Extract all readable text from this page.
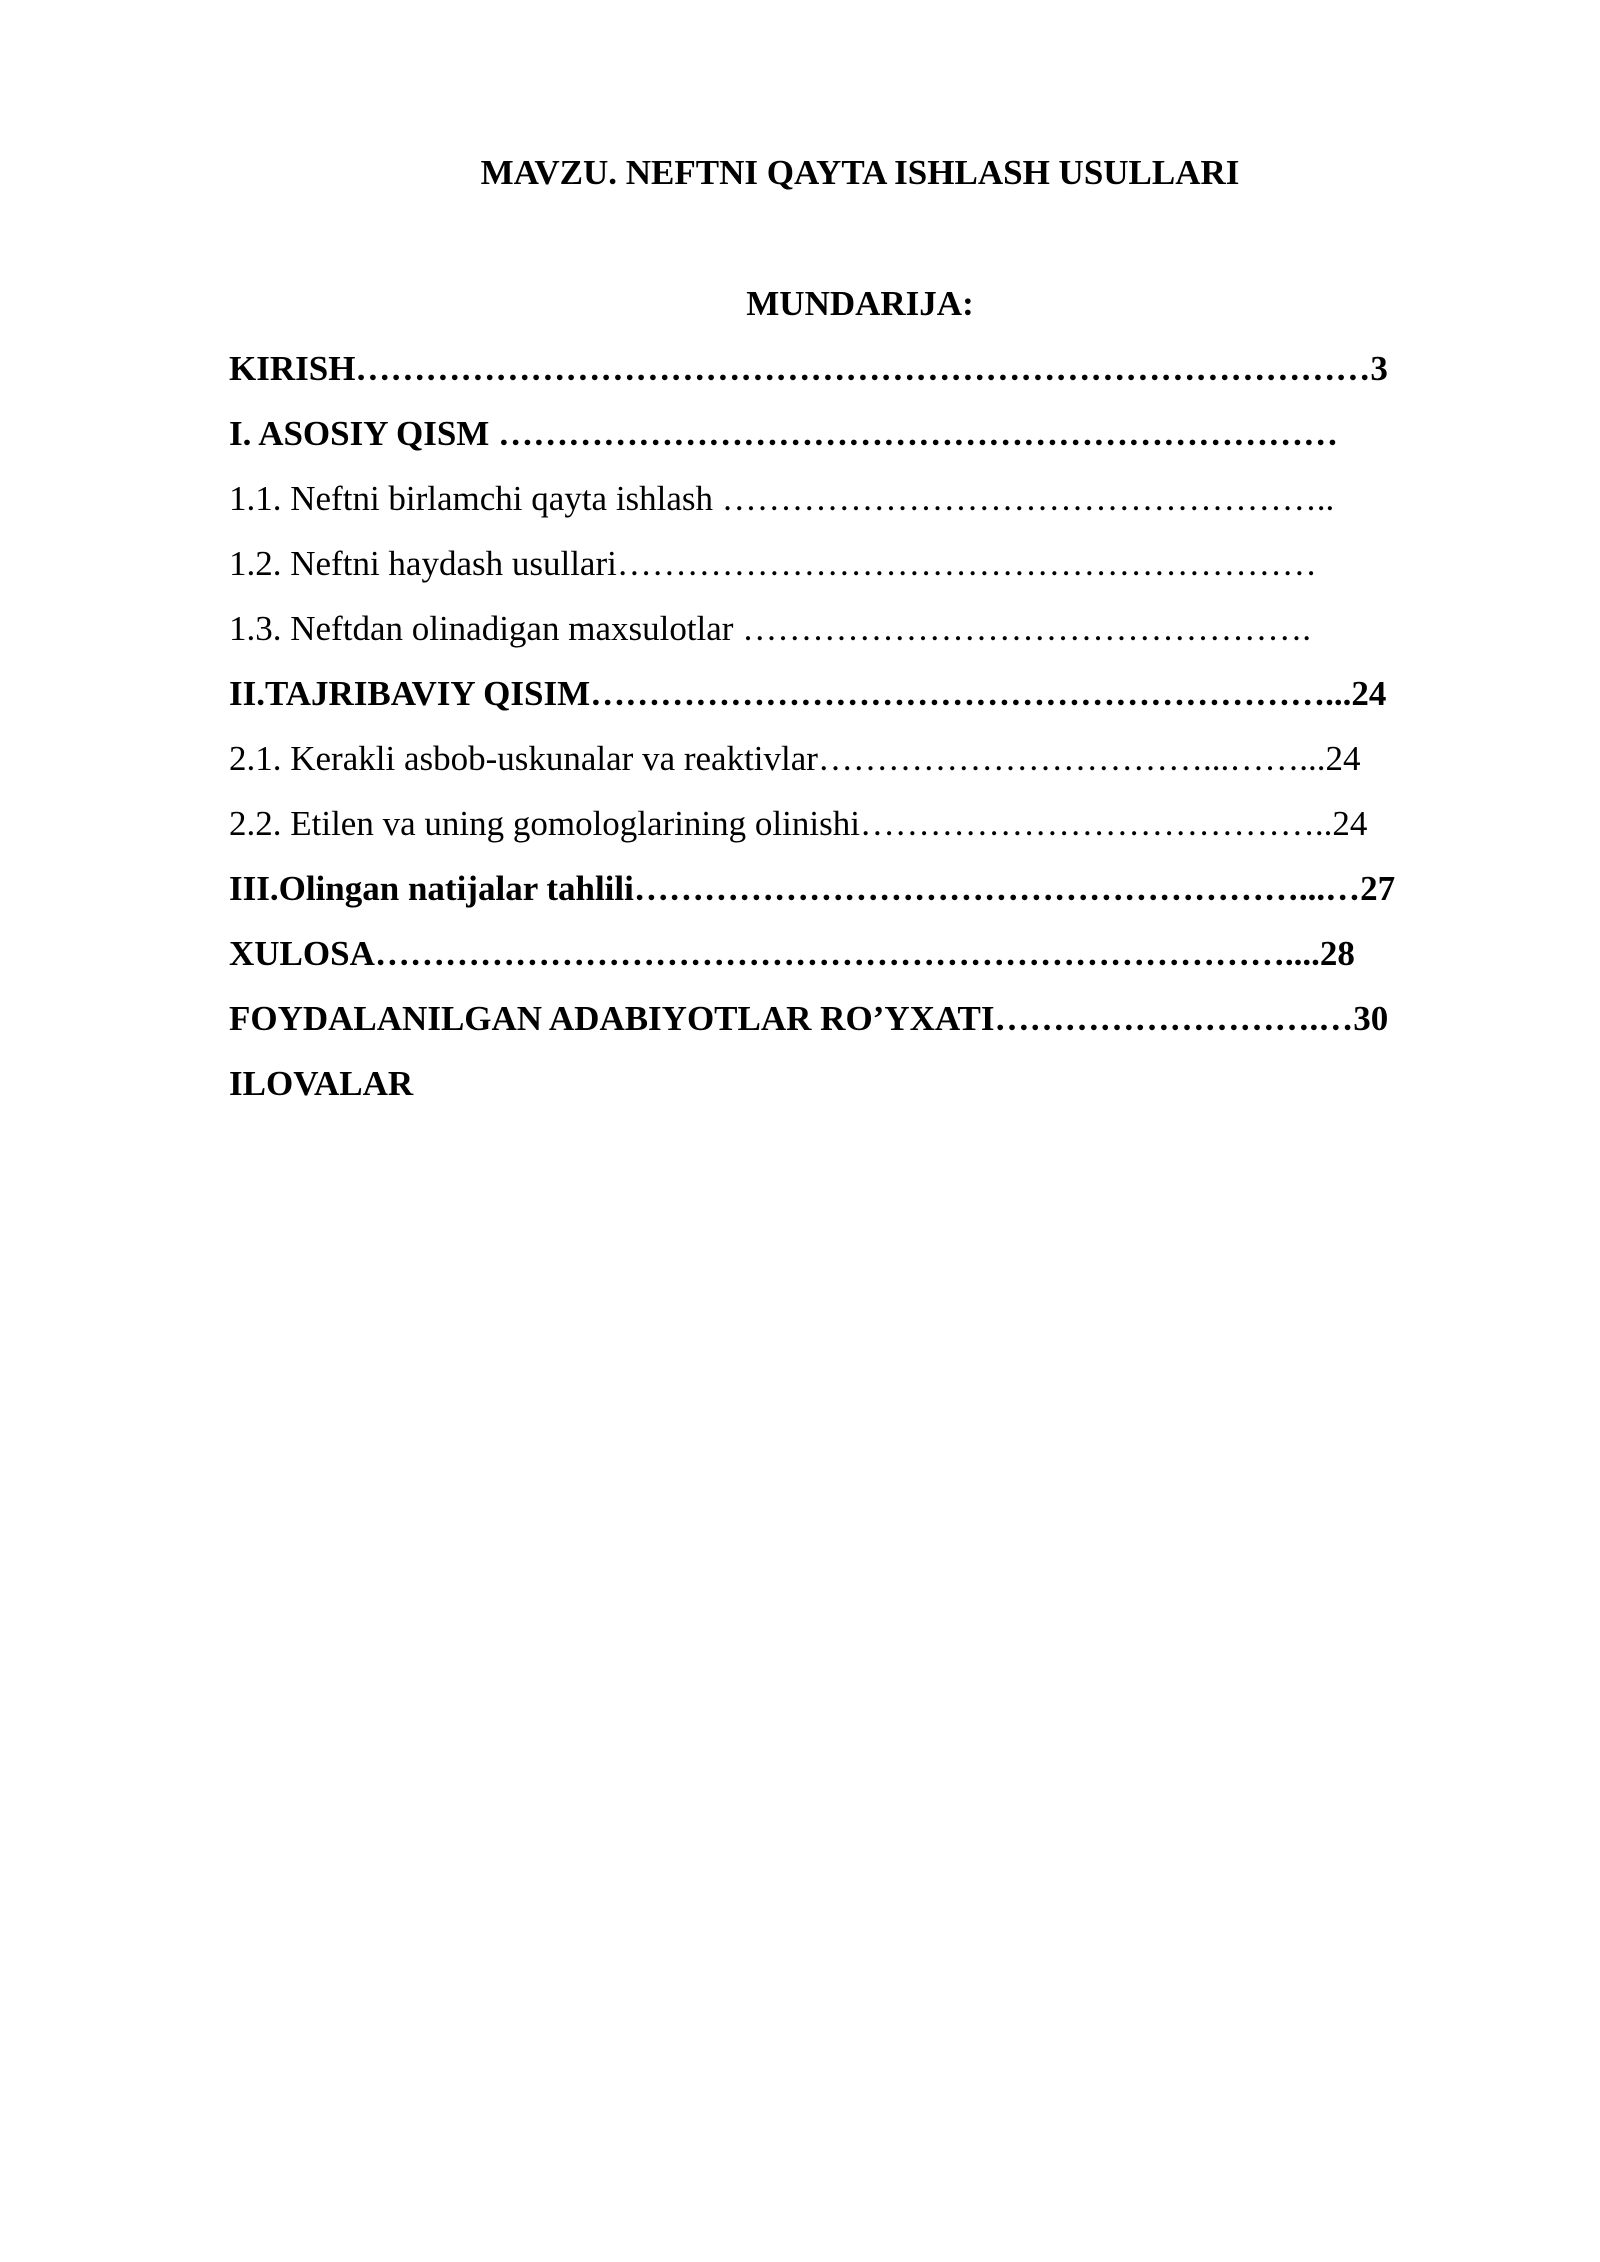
MAVZU. NEFTNI QAYTA ISHLASH USULLARI
MUNDARIJA:
KIRISH……………………………………………………………………………3
I. ASOSIY QISM ………………………………………………………………
1.1. Neftni birlamchi qayta ishlash ……………………………………………..
1.2. Neftni haydash usullari……………………………………………………
1.3. Neftdan olinadigan maxsulotlar ………………………………………….
II.TAJRIBAVIY QISIM………………………………………………………...24
2.1. Kerakli asbob-uskunalar va reaktivlar……………………………...……...24
2.2. Etilen va uning gomologlarining olinishi…………………………………..24
III.Olingan natijalar tahlili…………………………………………………...…27
XULOSA……………………………………………………………………....28
FOYDALANILGAN ADABIYOTLAR RO’YXATI……………………….…30
ILOVALAR
